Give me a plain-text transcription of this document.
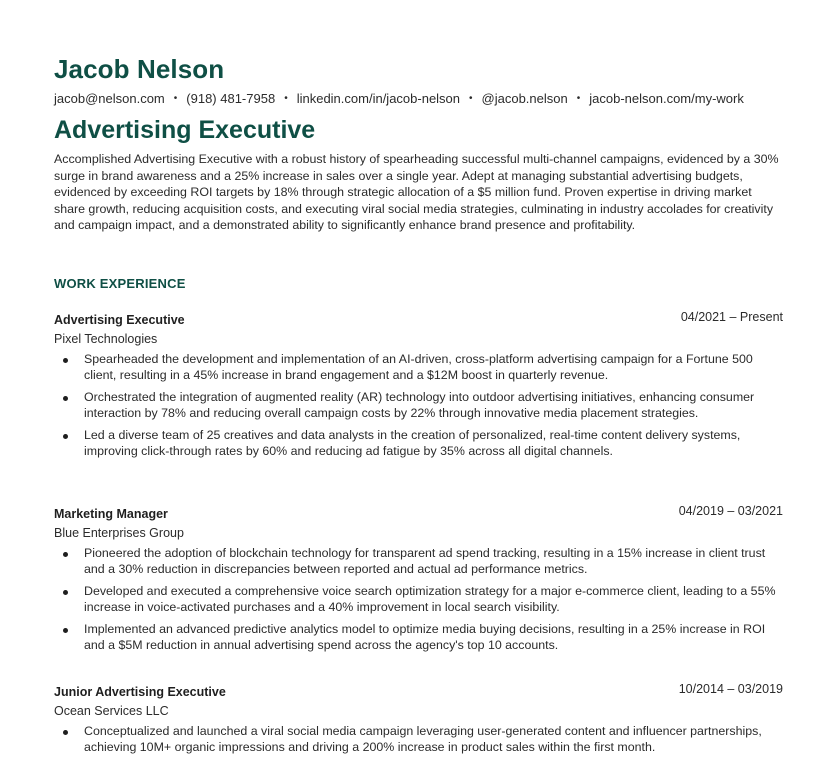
Jacob Nelson
jacob@nelson.com • (918) 481-7958 • linkedin.com/in/jacob-nelson • @jacob.nelson • jacob-nelson.com/my-work
Advertising Executive

Accomplished Advertising Executive with a robust history of spearheading successful multi-channel campaigns, evidenced by a 30% surge in brand awareness and a 25% increase in sales over a single year. Adept at managing substantial advertising budgets, evidenced by exceeding ROI targets by 18% through strategic allocation of a $5 million fund. Proven expertise in driving market share growth, reducing acquisition costs, and executing viral social media strategies, culminating in industry accolades for creativity and campaign impact, and a demonstrated ability to significantly enhance brand presence and profitability.

WORK EXPERIENCE
Advertising Executive	04/2021 – Present
Pixel Technologies
Spearheaded the development and implementation of an AI-driven, cross-platform advertising campaign for a Fortune 500 client, resulting in a 45% increase in brand engagement and a $12M boost in quarterly revenue.
Orchestrated the integration of augmented reality (AR) technology into outdoor advertising initiatives, enhancing consumer interaction by 78% and reducing overall campaign costs by 22% through innovative media placement strategies.
Led a diverse team of 25 creatives and data analysts in the creation of personalized, real-time content delivery systems, improving click-through rates by 60% and reducing ad fatigue by 35% across all digital channels.
Marketing Manager	04/2019 – 03/2021
Blue Enterprises Group
Pioneered the adoption of blockchain technology for transparent ad spend tracking, resulting in a 15% increase in client trust and a 30% reduction in discrepancies between reported and actual ad performance metrics.
Developed and executed a comprehensive voice search optimization strategy for a major e-commerce client, leading to a 55% increase in voice-activated purchases and a 40% improvement in local search visibility.
Implemented an advanced predictive analytics model to optimize media buying decisions, resulting in a 25% increase in ROI and a $5M reduction in annual advertising spend across the agency's top 10 accounts.
Junior Advertising Executive	10/2014 – 03/2019
Ocean Services LLC
Conceptualized and launched a viral social media campaign leveraging user-generated content and influencer partnerships, achieving 10M+ organic impressions and driving a 200% increase in product sales within the first month.
